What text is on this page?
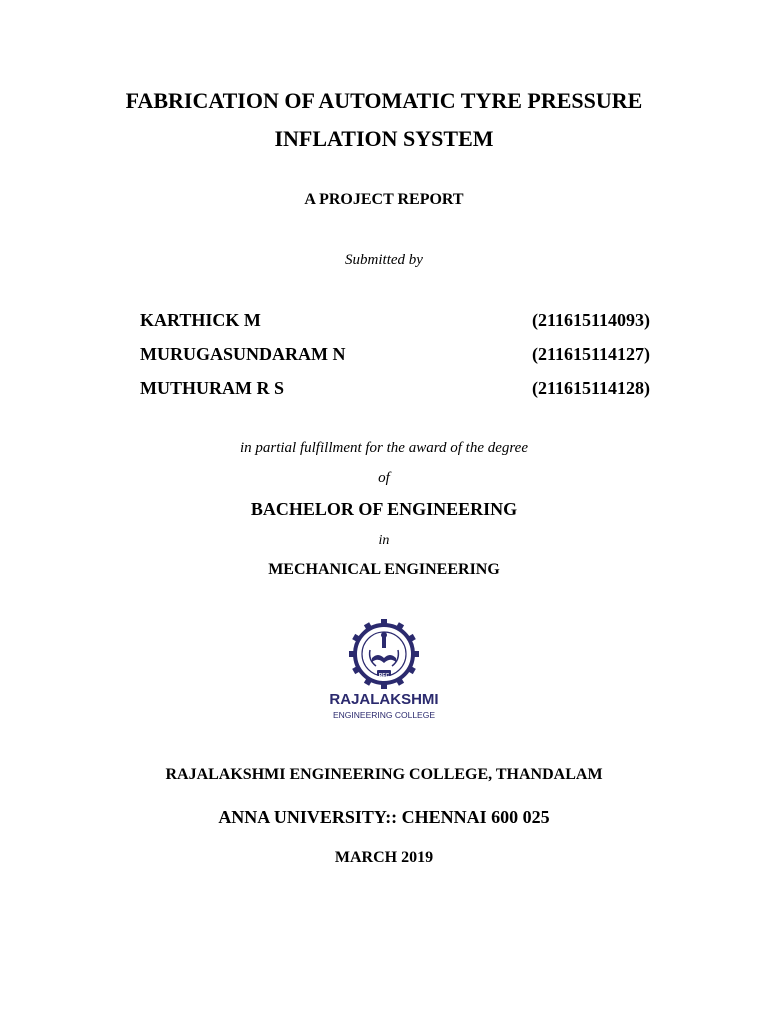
FABRICATION OF AUTOMATIC TYRE PRESSURE
INFLATION SYSTEM
A PROJECT REPORT
Submitted by
KARTHICK M	(211615114093)
MURUGASUNDARAM N	(211615114127)
MUTHURAM R S	(211615114128)
in partial fulfillment for the award of the degree
of
BACHELOR OF ENGINEERING
in
MECHANICAL ENGINEERING
REC
RAJALAKSHMI
ENGINEERING COLLEGE
RAJALAKSHMI ENGINEERING COLLEGE, THANDALAM
ANNA UNIVERSITY:: CHENNAI 600 025
MARCH 2019
